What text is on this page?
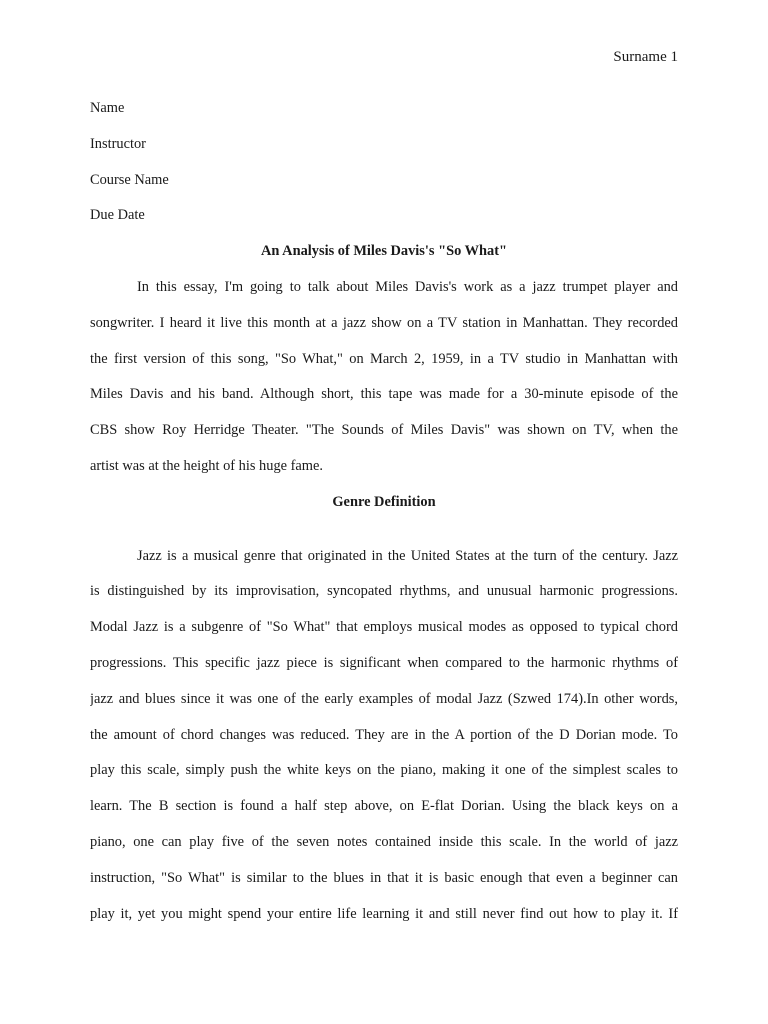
Surname 1
Name
Instructor
Course Name
Due Date
An Analysis of Miles Davis's "So What"
In this essay, I'm going to talk about Miles Davis's work as a jazz trumpet player and
songwriter. I heard it live this month at a jazz show on a TV station in Manhattan. They recorded
the first version of this song, "So What," on March 2, 1959, in a TV studio in Manhattan with
Miles Davis and his band. Although short, this tape was made for a 30-minute episode of the
CBS show Roy Herridge Theater. "The Sounds of Miles Davis" was shown on TV, when the
artist was at the height of his huge fame.
Genre Definition
Jazz is a musical genre that originated in the United States at the turn of the century. Jazz
is distinguished by its improvisation, syncopated rhythms, and unusual harmonic progressions.
Modal Jazz is a subgenre of "So What" that employs musical modes as opposed to typical chord
progressions. This specific jazz piece is significant when compared to the harmonic rhythms of
jazz and blues since it was one of the early examples of modal Jazz (Szwed 174).In other words,
the amount of chord changes was reduced. They are in the A portion of the D Dorian mode. To
play this scale, simply push the white keys on the piano, making it one of the simplest scales to
learn. The B section is found a half step above, on E-flat Dorian. Using the black keys on a
piano, one can play five of the seven notes contained inside this scale. In the world of jazz
instruction, "So What" is similar to the blues in that it is basic enough that even a beginner can
play it, yet you might spend your entire life learning it and still never find out how to play it. If
